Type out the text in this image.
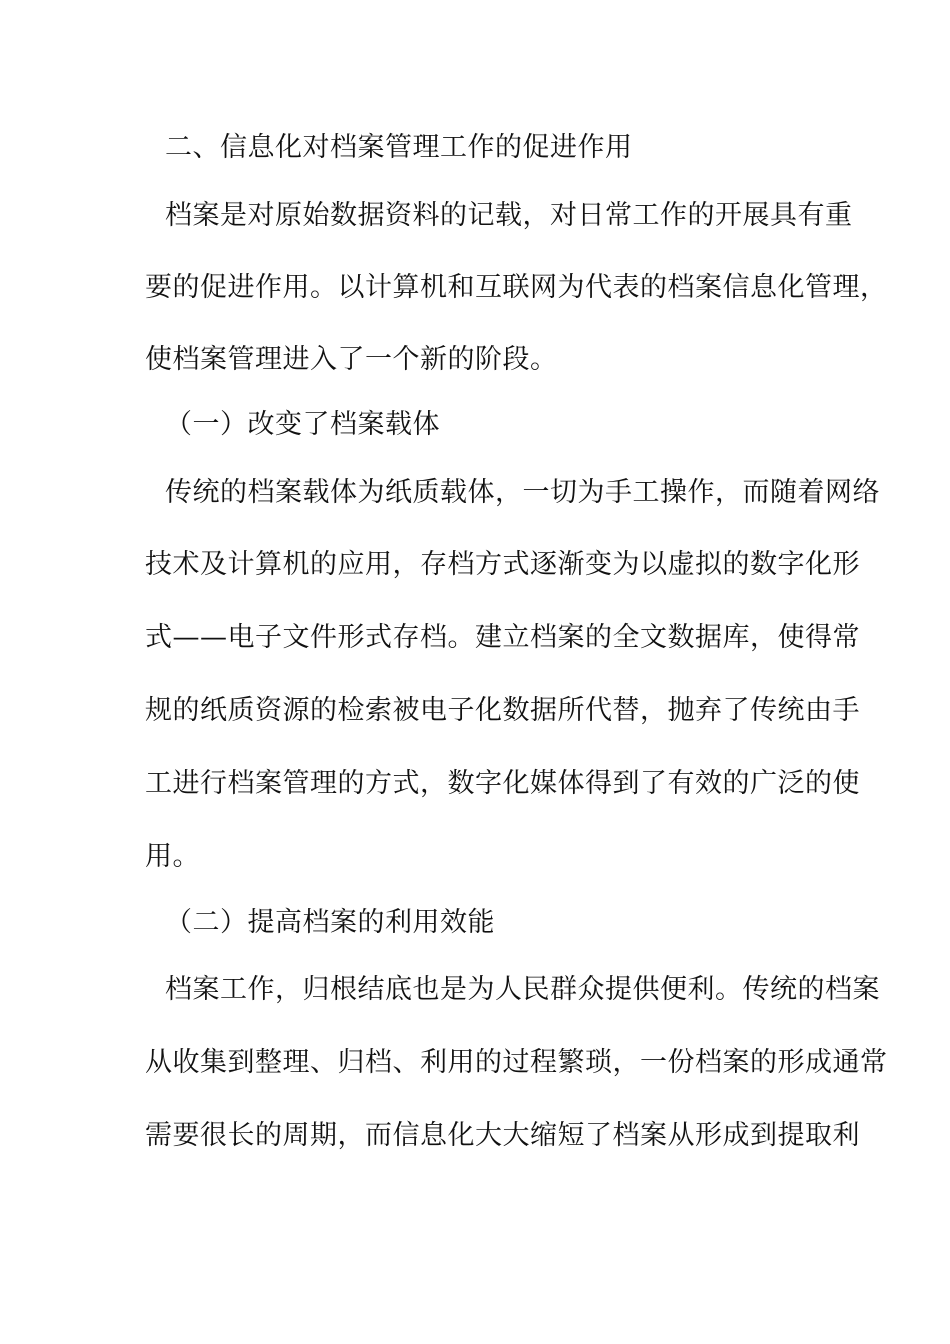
二、信息化对档案管理工作的促进作用
档案是对原始数据资料的记载，对日常工作的开展具有重
要的促进作用。以计算机和互联网为代表的档案信息化管理，
使档案管理进入了一个新的阶段。
（一）改变了档案载体
传统的档案载体为纸质载体，一切为手工操作，而随着网络
技术及计算机的应用，存档方式逐渐变为以虚拟的数字化形
式——电子文件形式存档。建立档案的全文数据库，使得常
规的纸质资源的检索被电子化数据所代替，抛弃了传统由手
工进行档案管理的方式，数字化媒体得到了有效的广泛的使
用。
（二）提高档案的利用效能
档案工作，归根结底也是为人民群众提供便利。传统的档案
从收集到整理、归档、利用的过程繁琐，一份档案的形成通常
需要很长的周期，而信息化大大缩短了档案从形成到提取利
